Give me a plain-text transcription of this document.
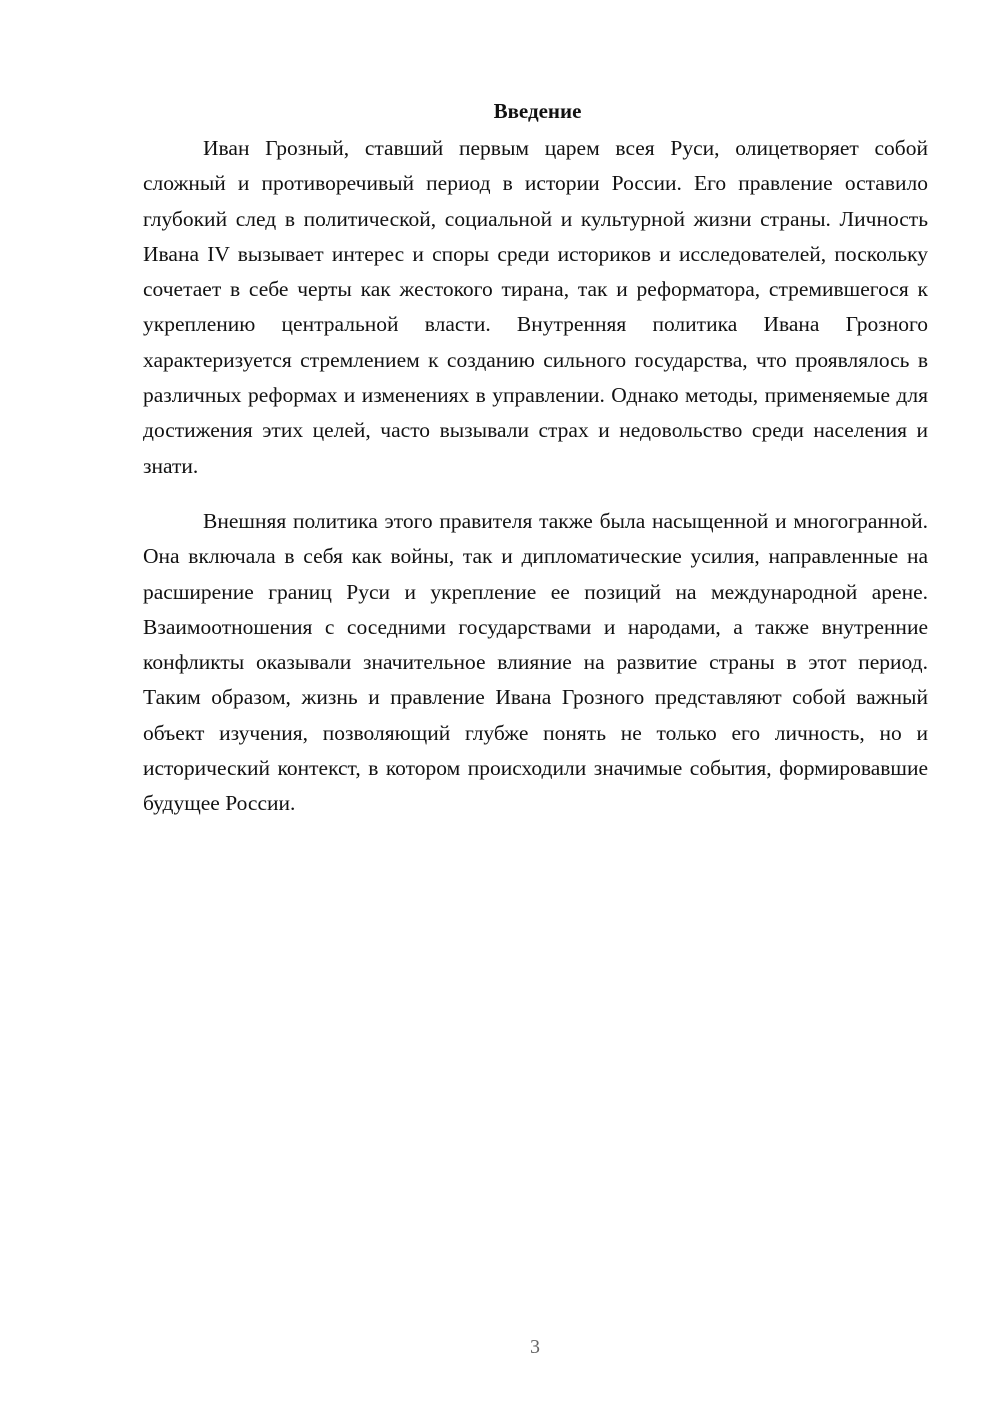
Введение

Иван Грозный, ставший первым царем всея Руси, олицетворяет собой сложный и противоречивый период в истории России. Его правление оставило глубокий след в политической, социальной и культурной жизни страны. Личность Ивана IV вызывает интерес и споры среди историков и исследователей, поскольку сочетает в себе черты как жестокого тирана, так и реформатора, стремившегося к укреплению центральной власти. Внутренняя политика Ивана Грозного характеризуется стремлением к созданию сильного государства, что проявлялось в различных реформах и изменениях в управлении. Однако методы, применяемые для достижения этих целей, часто вызывали страх и недовольство среди населения и знати.

Внешняя политика этого правителя также была насыщенной и многогранной. Она включала в себя как войны, так и дипломатические усилия, направленные на расширение границ Руси и укрепление ее позиций на международной арене. Взаимоотношения с соседними государствами и народами, а также внутренние конфликты оказывали значительное влияние на развитие страны в этот период. Таким образом, жизнь и правление Ивана Грозного представляют собой важный объект изучения, позволяющий глубже понять не только его личность, но и исторический контекст, в котором происходили значимые события, формировавшие будущее России.

3
